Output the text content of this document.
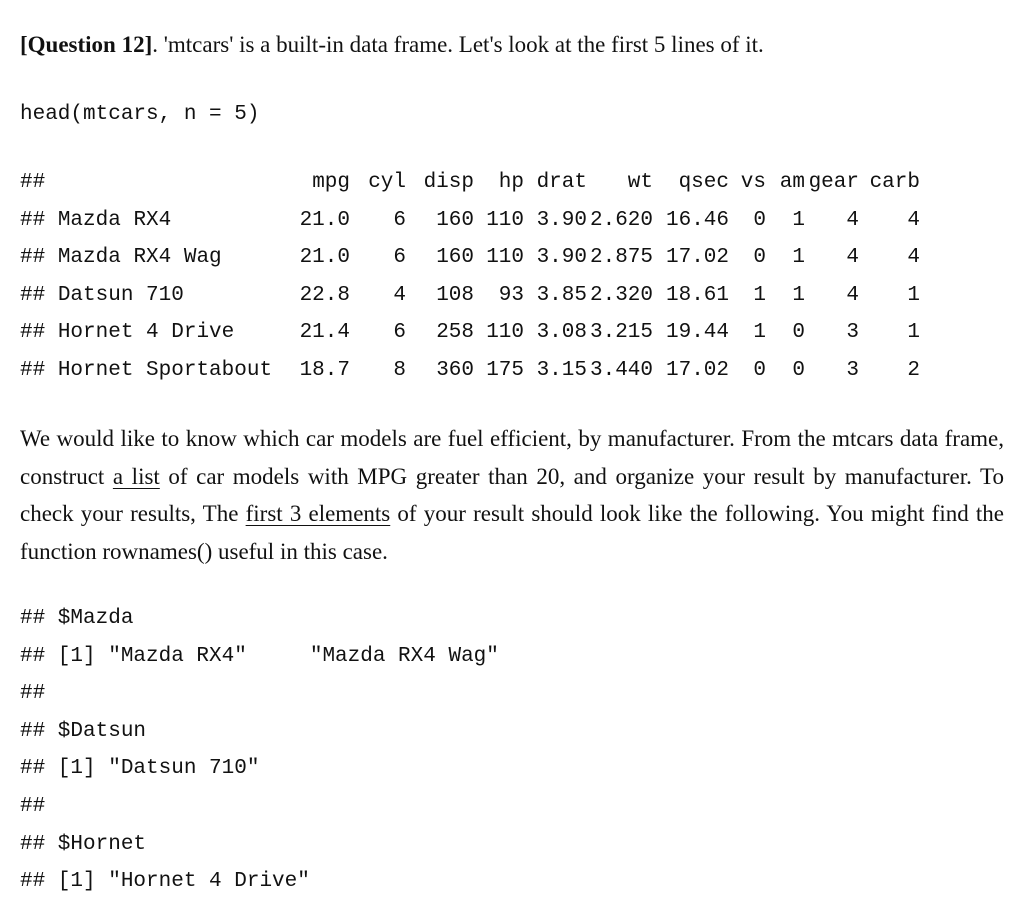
[Question 12]. 'mtcars' is a built-in data frame. Let's look at the first 5 lines of it.
head(mtcars, n = 5)
##	mpg	cyl	disp	hp	drat	wt	qsec	vs	am	gear	carb
## Mazda RX4	21.0	6	160	110	3.90	2.620	16.46	0	1	4	4
## Mazda RX4 Wag	21.0	6	160	110	3.90	2.875	17.02	0	1	4	4
## Datsun 710	22.8	4	108	93	3.85	2.320	18.61	1	1	4	1
## Hornet 4 Drive	21.4	6	258	110	3.08	3.215	19.44	1	0	3	1
## Hornet Sportabout	18.7	8	360	175	3.15	3.440	17.02	0	0	3	2
We would like to know which car models are fuel efficient, by manufacturer. From the mtcars data frame, construct a list of car models with MPG greater than 20, and organize your result by manufacturer. To check your results, The first 3 elements of your result should look like the following. You might find the function rownames() useful in this case.
## $Mazda
## [1] "Mazda RX4"     "Mazda RX4 Wag"
##
## $Datsun
## [1] "Datsun 710"
##
## $Hornet
## [1] "Hornet 4 Drive"
